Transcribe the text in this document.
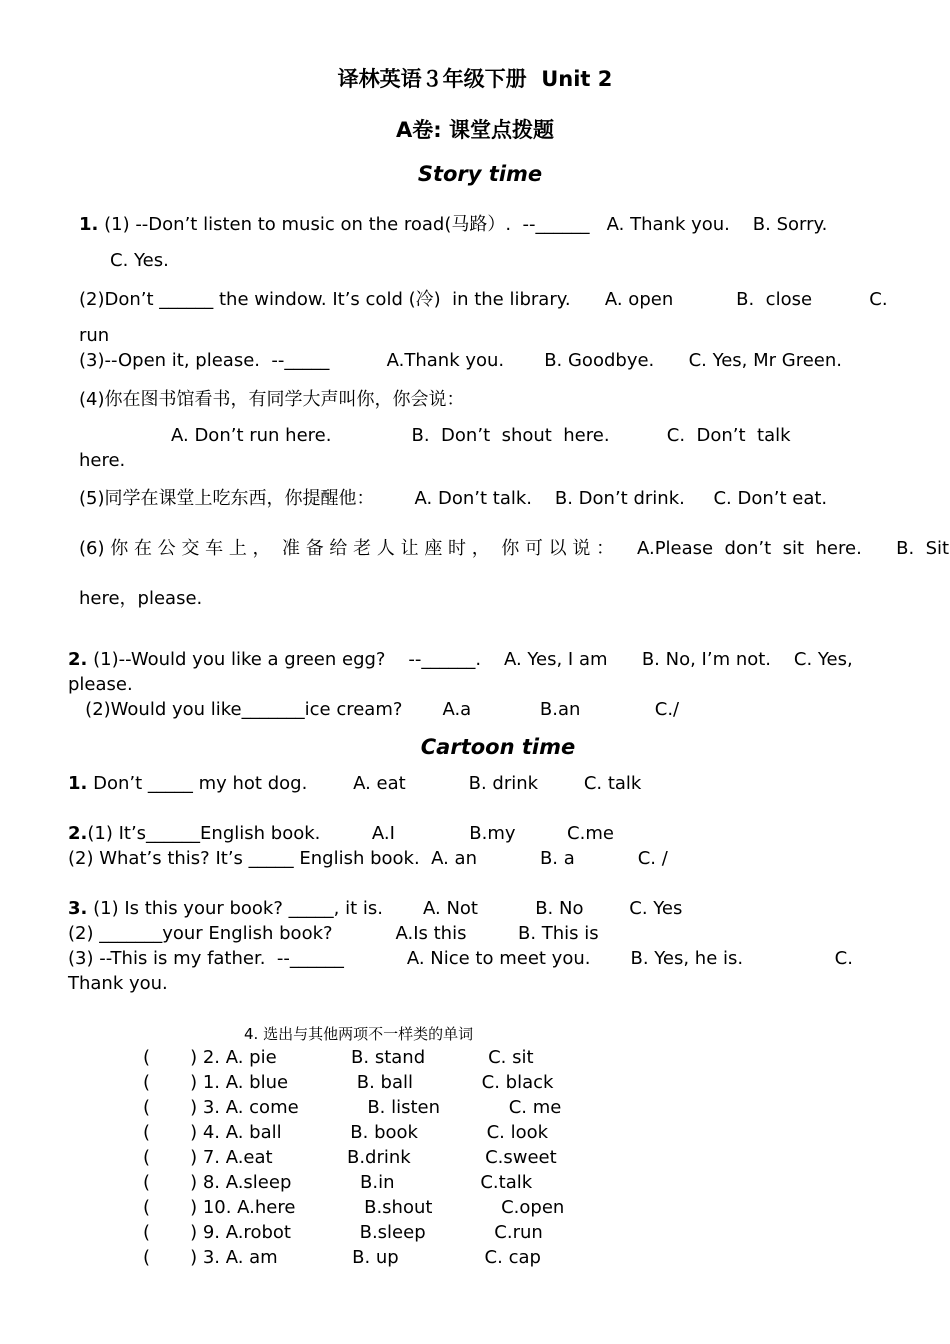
译林英语３年级下册  Unit 2
A卷: 课堂点拨题
Story time
1. (1) --Don’t listen to music on the road(马路）.  --______   A. Thank you.    B. Sorry.
C. Yes.
(2)Don’t ______ the window. It’s cold (冷)  in the library.      A. open           B.  close          C.
run
(3)--Open it, please.  --_____          A.Thank you.       B. Goodbye.      C. Yes, Mr Green.
(4)你在图书馆看书，有同学大声叫你，你会说：
A. Don’t run here.              B.  Don’t  shout  here.          C.  Don’t  talk
here.
(5)同学在课堂上吃东西，你提醒他：       A. Don’t talk.    B. Don’t drink.     C. Don’t eat.
(6) 你 在 公 交 车 上 ，  准 备 给 老 人 让 座 时 ，  你 可 以 说 ：    A.Please  don’t  sit  here.      B.  Sit
here，please.
2. (1)--Would you like a green egg?    --______.    A. Yes, I am      B. No, I’m not.    C. Yes,
please.
(2)Would you like_______ice cream?       A.a            B.an             C./
Cartoon time
1. Don’t _____ my hot dog.        A. eat           B. drink        C. talk
2.(1) It’s______English book.         A.I             B.my         C.me
(2) What’s this? It’s _____ English book.  A. an           B. a           C. /
3. (1) Is this your book? _____, it is.       A. Not          B. No        C. Yes
(2) _______your English book?           A.Is this         B. This is
(3) --This is my father.  --______           A. Nice to meet you.       B. Yes, he is.                C.
Thank you.
4. 选出与其他两项不一样类的单词
(       ) 2. A. pie             B. stand           C. sit
(       ) 1. A. blue            B. ball            C. black
(       ) 3. A. come            B. listen            C. me
(       ) 4. A. ball            B. book            C. look
(       ) 7. A.eat             B.drink             C.sweet
(       ) 8. A.sleep            B.in               C.talk
(       ) 10. A.here            B.shout            C.open
(       ) 9. A.robot            B.sleep            C.run
(       ) 3. A. am             B. up               C. cap
